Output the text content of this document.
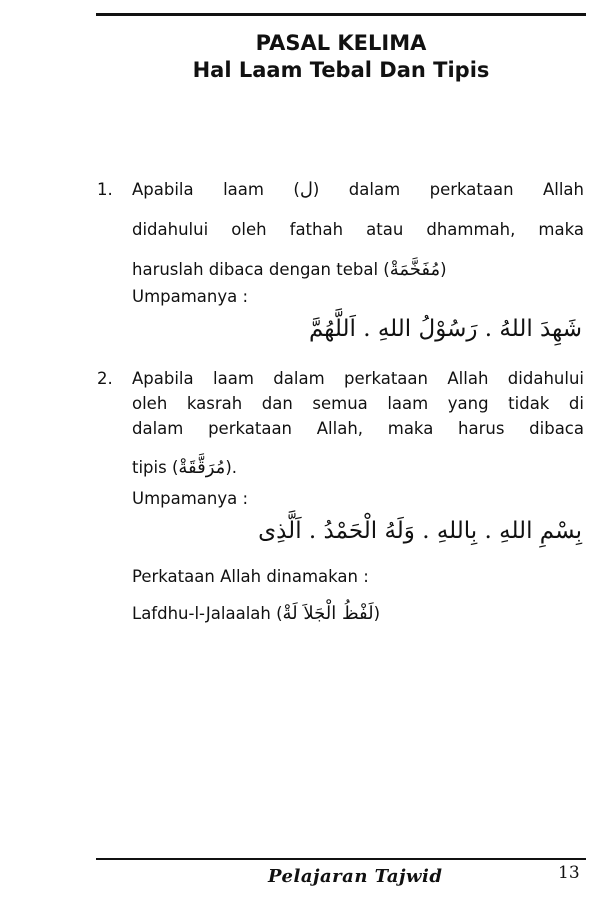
PASAL KELIMA
Hal Laam Tebal Dan Tipis
1. Apabila laam (ل) dalam perkataan Allah
didahului oleh fathah atau dhammah, maka
haruslah dibaca dengan tebal (مُفَخَّمَةْ)
Umpamanya :
شَهِدَ اللهُ . رَسُوْلُ اللهِ . اَللَّهُمَّ
2. Apabila laam dalam perkataan Allah didahului
oleh kasrah dan semua laam yang tidak di
dalam perkataan Allah, maka harus dibaca
tipis (مُرَقَّقَةْ).
Umpamanya :
بِسْمِ اللهِ . بِاللهِ . وَلَهُ الْحَمْدُ . اَلَّذِى
Perkataan Allah dinamakan :
Lafdhu-l-Jalaalah (لَفْظُ الْجَلاَ لَةْ)
Pelajaran Tajwid	13
